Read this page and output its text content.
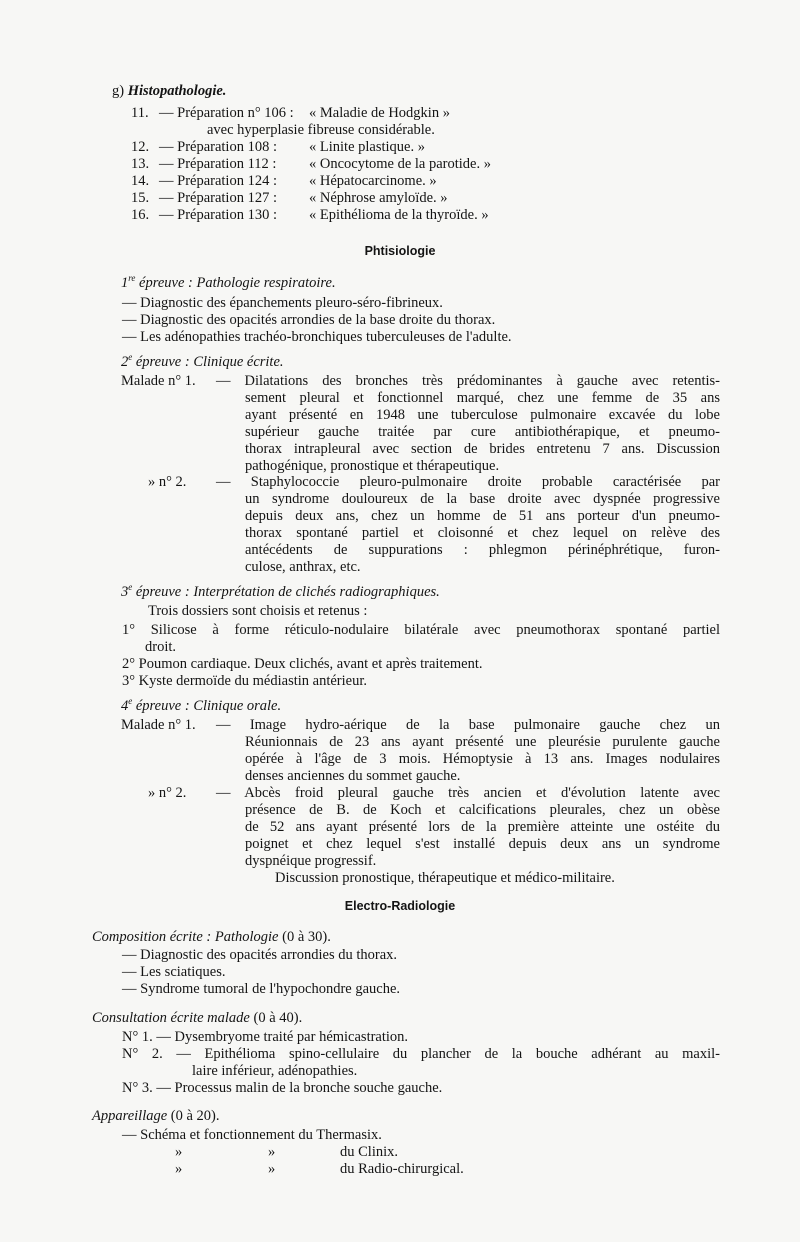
g) Histopathologie.
11. — Préparation n° 106 : « Maladie de Hodgkin »
avec hyperplasie fibreuse considérable.
12. — Préparation 108 : « Linite plastique. »
13. — Préparation 112 : « Oncocytome de la parotide. »
14. — Préparation 124 : « Hépatocarcinome. »
15. — Préparation 127 : « Néphrose amyloïde. »
16. — Préparation 130 : « Epithélioma de la thyroïde. »
Phtisiologie
1re épreuve : Pathologie respiratoire.
— Diagnostic des épanchements pleuro-séro-fibrineux.
— Diagnostic des opacités arrondies de la base droite du thorax.
— Les adénopathies trachéo-bronchiques tuberculeuses de l'adulte.
2e épreuve : Clinique écrite.
Malade n° 1. — Dilatations des bronches très prédominantes à gauche avec retentis-
sement pleural et fonctionnel marqué, chez une femme de 35 ans
ayant présenté en 1948 une tuberculose pulmonaire excavée du lobe
supérieur gauche traitée par cure antibiothérapique, et pneumo-
thorax intrapleural avec section de brides entretenu 7 ans. Discussion
pathogénique, pronostique et thérapeutique.
» n° 2. — Staphylococcie pleuro-pulmonaire droite probable caractérisée par
un syndrome douloureux de la base droite avec dyspnée progressive
depuis deux ans, chez un homme de 51 ans porteur d'un pneumo-
thorax spontané partiel et cloisonné et chez lequel on relève des
antécédents de suppurations : phlegmon périnéphrétique, furon-
culose, anthrax, etc.
3e épreuve : Interprétation de clichés radiographiques.
Trois dossiers sont choisis et retenus :
1° Silicose à forme réticulo-nodulaire bilatérale avec pneumothorax spontané partiel
droit.
2° Poumon cardiaque. Deux clichés, avant et après traitement.
3° Kyste dermoïde du médiastin antérieur.
4e épreuve : Clinique orale.
Malade n° 1. — Image hydro-aérique de la base pulmonaire gauche chez un
Réunionnais de 23 ans ayant présenté une pleurésie purulente gauche
opérée à l'âge de 3 mois. Hémoptysie à 13 ans. Images nodulaires
denses anciennes du sommet gauche.
» n° 2. — Abcès froid pleural gauche très ancien et d'évolution latente avec
présence de B. de Koch et calcifications pleurales, chez un obèse
de 52 ans ayant présenté lors de la première atteinte une ostéite du
poignet et chez lequel s'est installé depuis deux ans un syndrome
dyspnéique progressif.
Discussion pronostique, thérapeutique et médico-militaire.
Electro-Radiologie
Composition écrite : Pathologie (0 à 30).
— Diagnostic des opacités arrondies du thorax.
— Les sciatiques.
— Syndrome tumoral de l'hypochondre gauche.
Consultation écrite malade (0 à 40).
N° 1. — Dysembryome traité par hémicastration.
N° 2. — Epithélioma spino-cellulaire du plancher de la bouche adhérant au maxil-
laire inférieur, adénopathies.
N° 3. — Processus malin de la bronche souche gauche.
Appareillage (0 à 20).
— Schéma et fonctionnement du Thermasix.
»	»	du Clinix.
»	»	du Radio-chirurgical.
